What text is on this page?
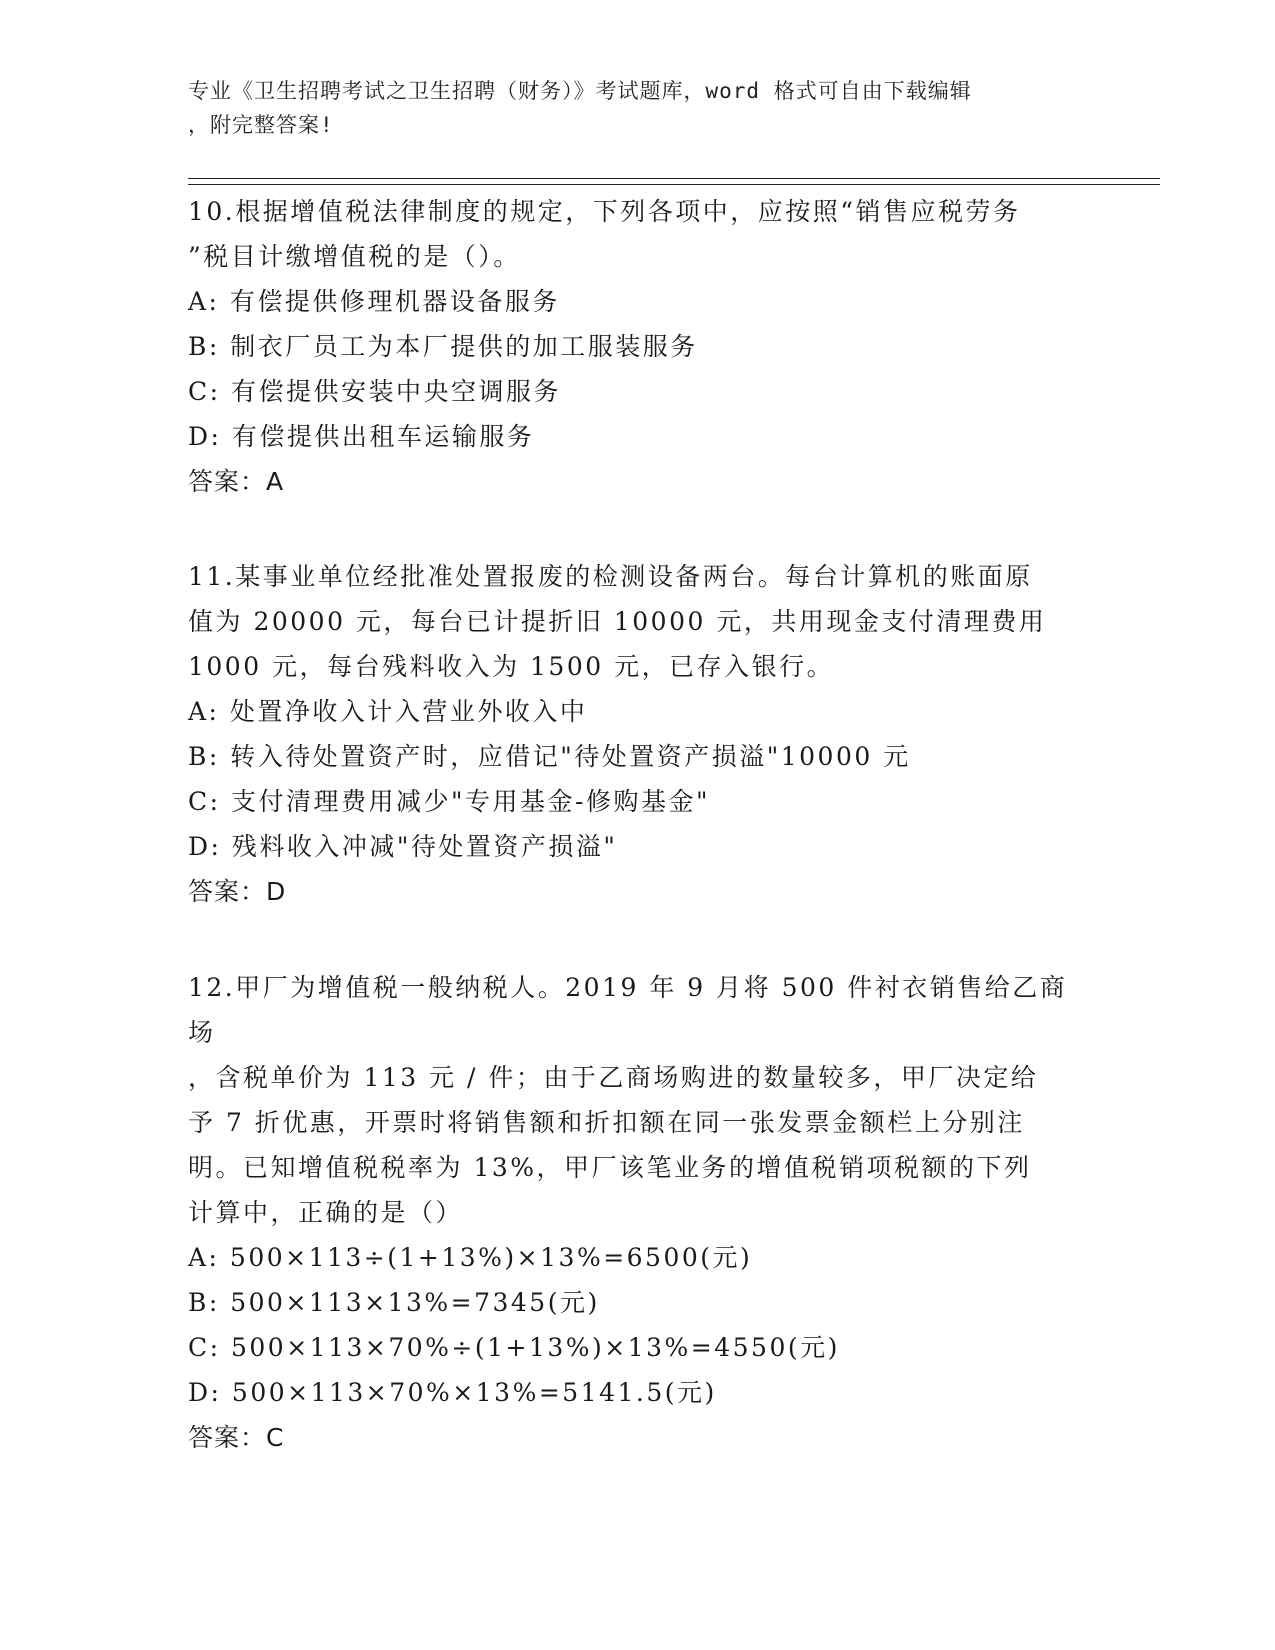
专业《卫生招聘考试之卫生招聘（财务）》考试题库，word 格式可自由下载编辑
，附完整答案!

10.根据增值税法律制度的规定，下列各项中，应按照“销售应税劳务

”税目计缴增值税的是（）。

A: 有偿提供修理机器设备服务

B: 制衣厂员工为本厂提供的加工服装服务

C: 有偿提供安装中央空调服务

D: 有偿提供出租车运输服务

答案：A

11.某事业单位经批准处置报废的检测设备两台。每台计算机的账面原

值为 20000 元，每台已计提折旧 10000 元，共用现金支付清理费用

1000 元，每台残料收入为 1500 元，已存入银行。

A: 处置净收入计入营业外收入中

B: 转入待处置资产时，应借记"待处置资产损溢"10000 元

C: 支付清理费用减少"专用基金-修购基金"

D: 残料收入冲减"待处置资产损溢"

答案：D

12.甲厂为增值税一般纳税人。2019 年 9 月将 500 件衬衣销售给乙商场

，含税单价为 113 元 / 件；由于乙商场购进的数量较多，甲厂决定给

予 7 折优惠，开票时将销售额和折扣额在同一张发票金额栏上分别注

明。已知增值税税率为 13%，甲厂该笔业务的增值税销项税额的下列

计算中，正确的是（）

A: 500×113÷(1+13%)×13%=6500(元)

B: 500×113×13%=7345(元)

C: 500×113×70%÷(1+13%)×13%=4550(元)

D: 500×113×70%×13%=5141.5(元)

答案：C
